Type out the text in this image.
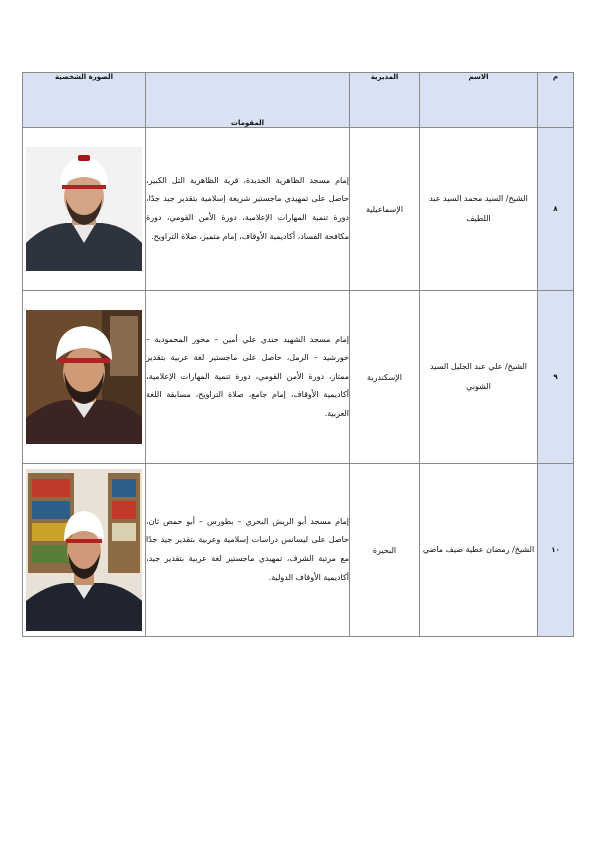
م	الاسم	المديرية	المقومات	الصورة الشخصية
٨	الشيخ/ السيد محمد السيد عبد اللطيف	الإسماعيلية	إمام مسجد الظاهرية الجديدة، قرية الظاهرية التل الكبير، حاصل على تمهيدي ماجستير شريعة إسلامية بتقدير جيد جدًا، دورة تنمية المهارات الإعلامية، دورة الأمن القومي، دورة مكافحة الفساد، أكاديمية الأوقاف، إمام متميز، صلاة التراويح.	

٩	الشيخ/ علي عبد الجليل السيد الشوني	الإسكندرية	إمام مسجد الشهيد جندي علي أمين – محور المحمودية – خورشيد – الرمل، حاصل على ماجستير لغة عربية بتقدير ممتاز، دورة الأمن القومي، دورة تنمية المهارات الإعلامية، أكاديمية الأوقاف، إمام جامع، صلاة التراويح، مسابقة اللغة العربية.	

١٠	الشيخ/ رمضان عطية ضيف ماضي	البحيرة	إمام مسجد أبو الريش البحري – بطورس – أبو حمص ثان، حاصل على ليسانس دراسات إسلامية وعربية بتقدير جيد جدًا مع مرتبة الشرف، تمهيدي ماجستير لغة عربية بتقدير جيد، أكاديمية الأوقاف الدولية.	
